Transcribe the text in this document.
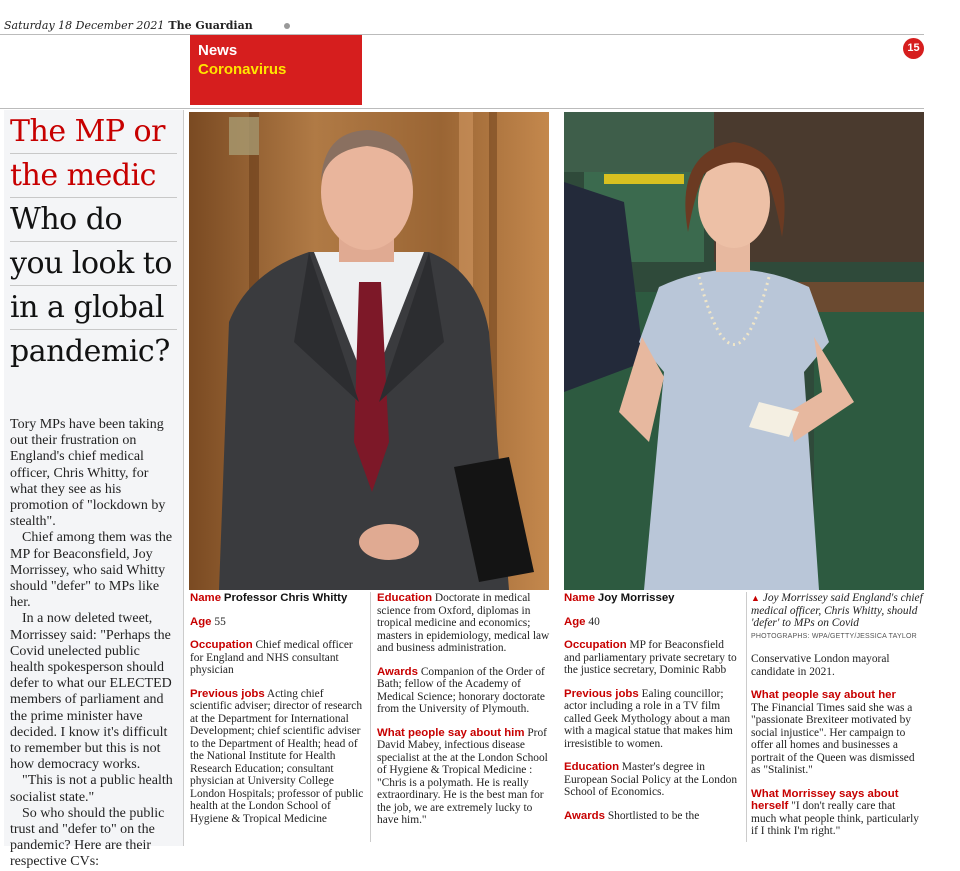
Saturday 18 December 2021 The Guardian
News
Coronavirus
15
The MP or
the medic
Who do
you look to
in a global
pandemic?

Tory MPs have been taking out their frustration on England's chief medical officer, Chris Whitty, for what they see as his promotion of "lockdown by stealth".

Chief among them was the MP for Beaconsfield, Joy Morrissey, who said Whitty should "defer" to MPs like her.

In a now deleted tweet, Morrissey said: "Perhaps the Covid unelected public health spokesperson should defer to what our ELECTED members of parliament and the prime minister have decided. I know it's difficult to remember but this is not how democracy works.

"This is not a public health socialist state."

So who should the public trust and "defer to" on the pandemic? Here are their respective CVs:

Name Professor Chris Whitty

Age 55

Occupation Chief medical officer for England and NHS consultant physician

Previous jobs Acting chief scientific adviser; director of research at the Department for International Development; chief scientific adviser to the Department of Health; head of the National Institute for Health Research Education; consultant physician at University College London Hospitals; professor of public health at the London School of Hygiene & Tropical Medicine

Education Doctorate in medical science from Oxford, diplomas in tropical medicine and economics; masters in epidemiology, medical law and business administration.

Awards Companion of the Order of Bath; fellow of the Academy of Medical Science; honorary doctorate from the University of Plymouth.

What people say about him Prof David Mabey, infectious disease specialist at the at the London School of Hygiene & Tropical Medicine : "Chris is a polymath. He is really extraordinary. He is the best man for the job, we are extremely lucky to have him."

Name Joy Morrissey

Age 40

Occupation MP for Beaconsfield and parliamentary private secretary to the justice secretary, Dominic Rabb

Previous jobs Ealing councillor; actor including a role in a TV film called Geek Mythology about a man with a magical statue that makes him irresistible to women.

Education Master's degree in European Social Policy at the London School of Economics.

Awards Shortlisted to be the

▲ Joy Morrissey said England's chief medical officer, Chris Whitty, should 'defer' to MPs on Covid
PHOTOGRAPHS: WPA/GETTY/JESSICA TAYLOR

Conservative London mayoral candidate in 2021.

What people say about her
The Financial Times said she was a "passionate Brexiteer motivated by social injustice". Her campaign to offer all homes and businesses a portrait of the Queen was dismissed as "Stalinist."

What Morrissey says about herself "I don't really care that much what people think, particularly if I think I'm right."
